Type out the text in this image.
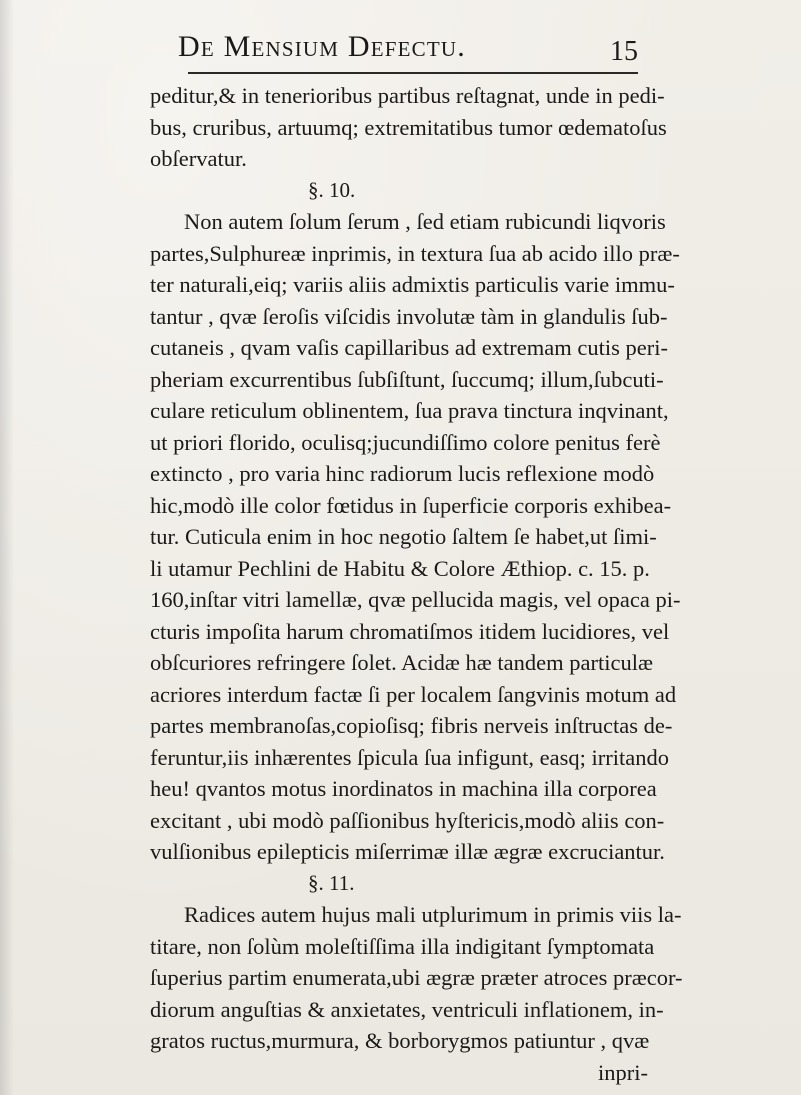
De Mensium Defectu.	15
peditur,& in tenerioribus partibus reſtagnat, unde in pedi-
bus, cruribus, artuumq; extremitatibus tumor œdematoſus
obſervatur.
§. 10.
Non autem ſolum ſerum , ſed etiam rubicundi liqvoris
partes,Sulphureæ inprimis, in textura ſua ab acido illo præ-
ter naturali,eiq; variis aliis admixtis particulis varie immu-
tantur , qvæ ſeroſis viſcidis involutæ tàm in glandulis ſub-
cutaneis , qvam vaſis capillaribus ad extremam cutis peri-
pheriam excurrentibus ſubſiſtunt, ſuccumq; illum,ſubcuti-
culare reticulum oblinentem, ſua prava tinctura inqvinant,
ut priori florido, oculisq;jucundiſſimo colore penitus ferè
extincto , pro varia hinc radiorum lucis reflexione modò
hic,modò ille color fœtidus in ſuperficie corporis exhibea-
tur. Cuticula enim in hoc negotio ſaltem ſe habet,ut ſimi-
li utamur Pechlini de Habitu & Colore Æthiop. c. 15. p.
160,inſtar vitri lamellæ, qvæ pellucida magis, vel opaca pi-
cturis impoſita harum chromatiſmos itidem lucidiores, vel
obſcuriores refringere ſolet. Acidæ hæ tandem particulæ
acriores interdum factæ ſi per localem ſangvinis motum ad
partes membranoſas,copioſisq; fibris nerveis inſtructas de-
feruntur,iis inhærentes ſpicula ſua infigunt, easq; irritando
heu! qvantos motus inordinatos in machina illa corporea
excitant , ubi modò paſſionibus hyſtericis,modò aliis con-
vulſionibus epilepticis miſerrimæ illæ ægræ excruciantur.
§. 11.
Radices autem hujus mali utplurimum in primis viis la-
titare, non ſolùm moleſtiſſima illa indigitant ſymptomata
ſuperius partim enumerata,ubi ægræ præter atroces præcor-
diorum anguſtias & anxietates, ventriculi inflationem, in-
gratos ructus,murmura, & borborygmos patiuntur , qvæ
inpri-
